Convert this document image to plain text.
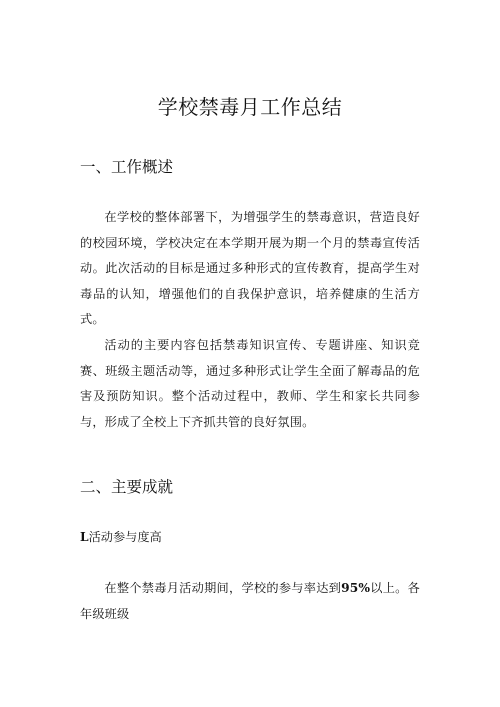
学校禁毒月工作总结
一、工作概述

在学校的整体部署下，为增强学生的禁毒意识，营造良好的校园环境，学校决定在本学期开展为期一个月的禁毒宣传活动。此次活动的目标是通过多种形式的宣传教育，提高学生对毒品的认知，增强他们的自我保护意识，培养健康的生活方式。

活动的主要内容包括禁毒知识宣传、专题讲座、知识竞赛、班级主题活动等，通过多种形式让学生全面了解毒品的危害及预防知识。整个活动过程中，教师、学生和家长共同参与，形成了全校上下齐抓共管的良好氛围。

二、主要成就

L活动参与度高

在整个禁毒月活动期间，学校的参与率达到95%以上。各年级班级
